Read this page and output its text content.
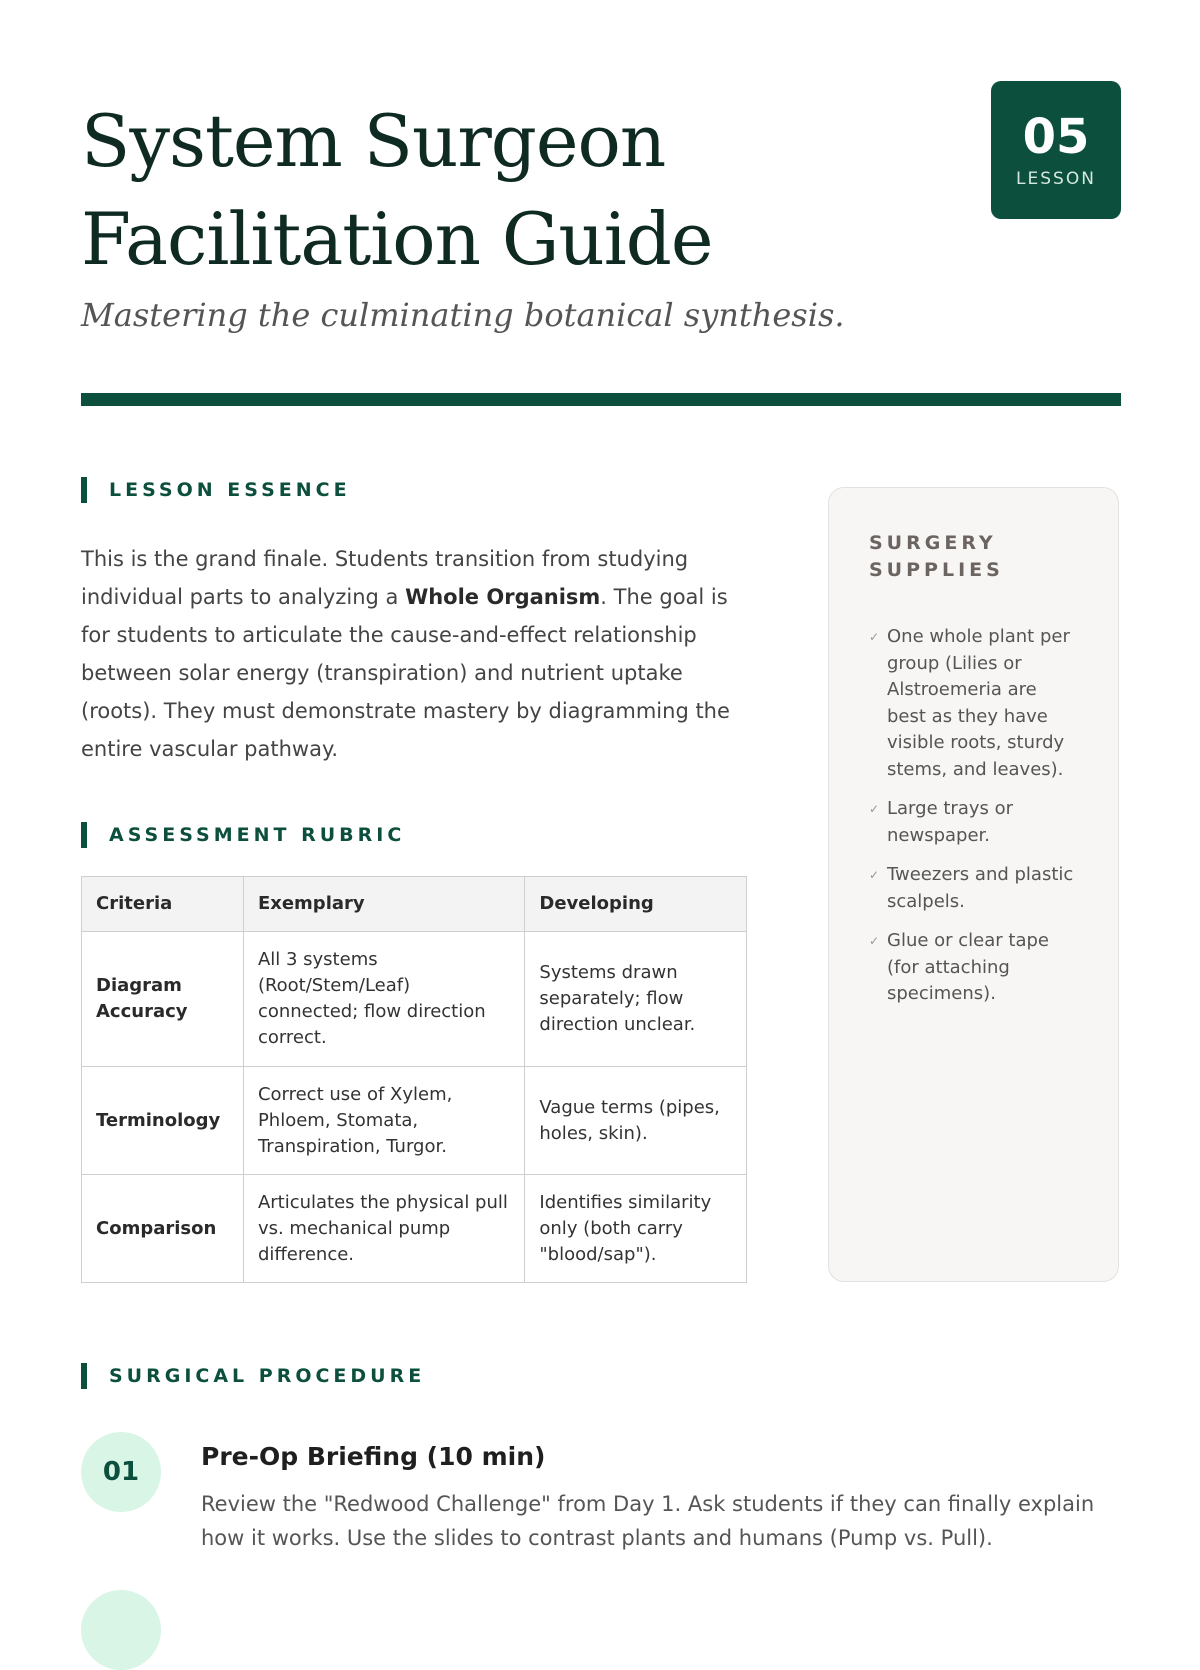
System Surgeon
Facilitation Guide

Mastering the culminating botanical synthesis.

05
LESSON
LESSON ESSENCE

This is the grand finale. Students transition from studying individual parts to analyzing a Whole Organism. The goal is for students to articulate the cause-and-effect relationship between solar energy (transpiration) and nutrient uptake (roots). They must demonstrate mastery by diagramming the entire vascular pathway.

ASSESSMENT RUBRIC
Criteria	Exemplary	Developing
Diagram Accuracy	All 3 systems (Root/Stem/Leaf) connected; flow direction correct.	Systems drawn separately; flow direction unclear.
Terminology	Correct use of Xylem, Phloem, Stomata, Transpiration, Turgor.	Vague terms (pipes, holes, skin).
Comparison	Articulates the physical pull vs. mechanical pump difference.	Identifies similarity only (both carry "blood/sap").
SURGERY SUPPLIES
✓ One whole plant per group (Lilies or Alstroemeria are best as they have visible roots, sturdy stems, and leaves).
✓ Large trays or newspaper.
✓ Tweezers and plastic scalpels.
✓ Glue or clear tape (for attaching specimens).
SURGICAL PROCEDURE
01
Pre-Op Briefing (10 min)

Review the "Redwood Challenge" from Day 1. Ask students if they can finally explain how it works. Use the slides to contrast plants and humans (Pump vs. Pull).
